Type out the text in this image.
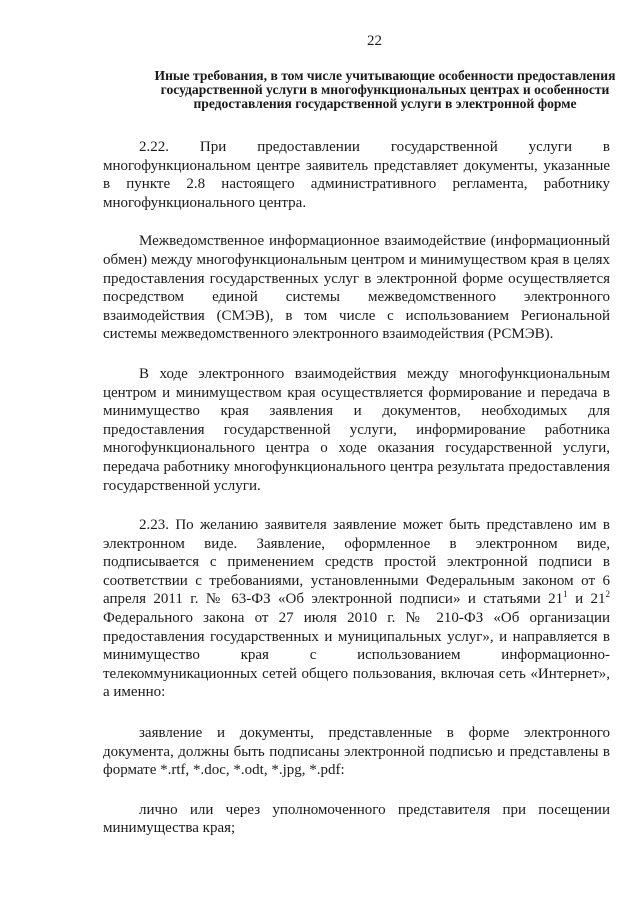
22
Иные требования, в том числе учитывающие особенности предоставления государственной услуги в многофункциональных центрах и особенности предоставления государственной услуги в электронной форме

2.22. При предоставлении государственной услуги в многофункциональном центре заявитель представляет документы, указанные в пункте 2.8 настоящего административного регламента, работнику многофункционального центра.

Межведомственное информационное взаимодействие (информационный обмен) между многофункциональным центром и минимуществом края в целях предоставления государственных услуг в электронной форме осуществляется посредством единой системы межведомственного электронного взаимодействия (СМЭВ), в том числе с использованием Региональной системы межведомственного электронного взаимодействия (РСМЭВ).

В ходе электронного взаимодействия между многофункциональным центром и минимуществом края осуществляется формирование и передача в минимущество края заявления и документов, необходимых для предоставления государственной услуги, информирование работника многофункционального центра о ходе оказания государственной услуги, передача работнику многофункционального центра результата предоставления государственной услуги.

2.23. По желанию заявителя заявление может быть представлено им в электронном виде. Заявление, оформленное в электронном виде, подписывается с применением средств простой электронной подписи в соответствии с требованиями, установленными Федеральным законом от 6 апреля 2011 г. № 63-ФЗ «Об электронной подписи» и статьями $21^1$ и $21^2$ Федерального закона от 27 июля 2010 г. № 210-ФЗ «Об организации предоставления государственных и муниципальных услуг», и направляется в минимущество края с использованием информационно-телекоммуникационных сетей общего пользования, включая сеть «Интернет», а именно:

заявление и документы, представленные в форме электронного документа, должны быть подписаны электронной подписью и представлены в формате *.rtf, *.doc, *.odt, *.jpg, *.pdf:

лично или через уполномоченного представителя при посещении минимущества края;
